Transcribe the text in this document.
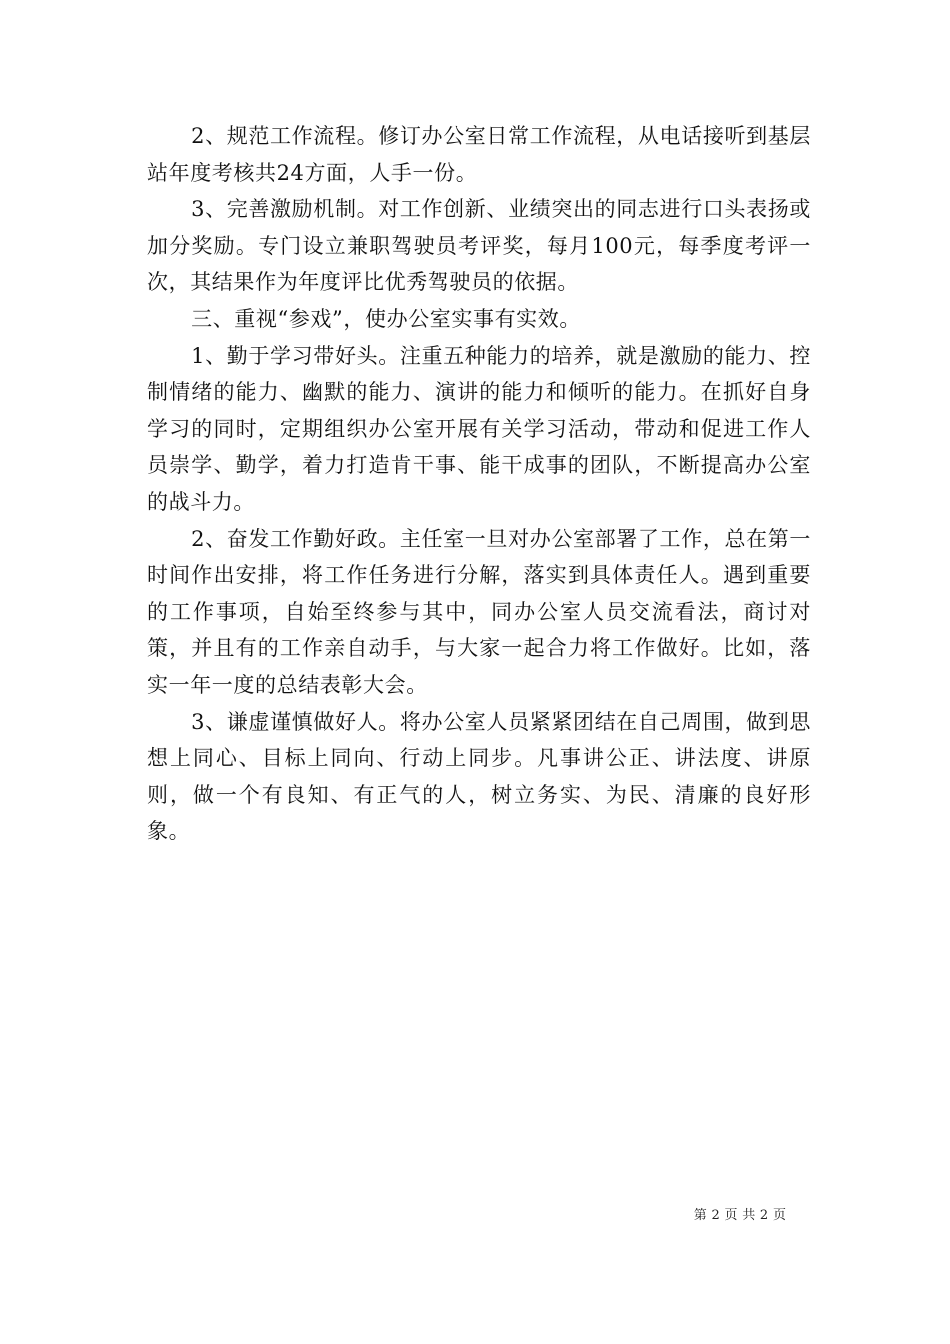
2、规范工作流程。修订办公室日常工作流程，从电话接听到基层站年度考核共24方面，人手一份。

3、完善激励机制。对工作创新、业绩突出的同志进行口头表扬或加分奖励。专门设立兼职驾驶员考评奖，每月100元，每季度考评一次，其结果作为年度评比优秀驾驶员的依据。

三、重视“参戏”，使办公室实事有实效。

1、勤于学习带好头。注重五种能力的培养，就是激励的能力、控制情绪的能力、幽默的能力、演讲的能力和倾听的能力。在抓好自身学习的同时，定期组织办公室开展有关学习活动，带动和促进工作人员崇学、勤学，着力打造肯干事、能干成事的团队，不断提高办公室的战斗力。

2、奋发工作勤好政。主任室一旦对办公室部署了工作，总在第一时间作出安排，将工作任务进行分解，落实到具体责任人。遇到重要的工作事项，自始至终参与其中，同办公室人员交流看法，商讨对策，并且有的工作亲自动手，与大家一起合力将工作做好。比如，落实一年一度的总结表彰大会。

3、谦虚谨慎做好人。将办公室人员紧紧团结在自己周围，做到思想上同心、目标上同向、行动上同步。凡事讲公正、讲法度、讲原则，做一个有良知、有正气的人，树立务实、为民、清廉的良好形象。

第 2 页 共 2 页
